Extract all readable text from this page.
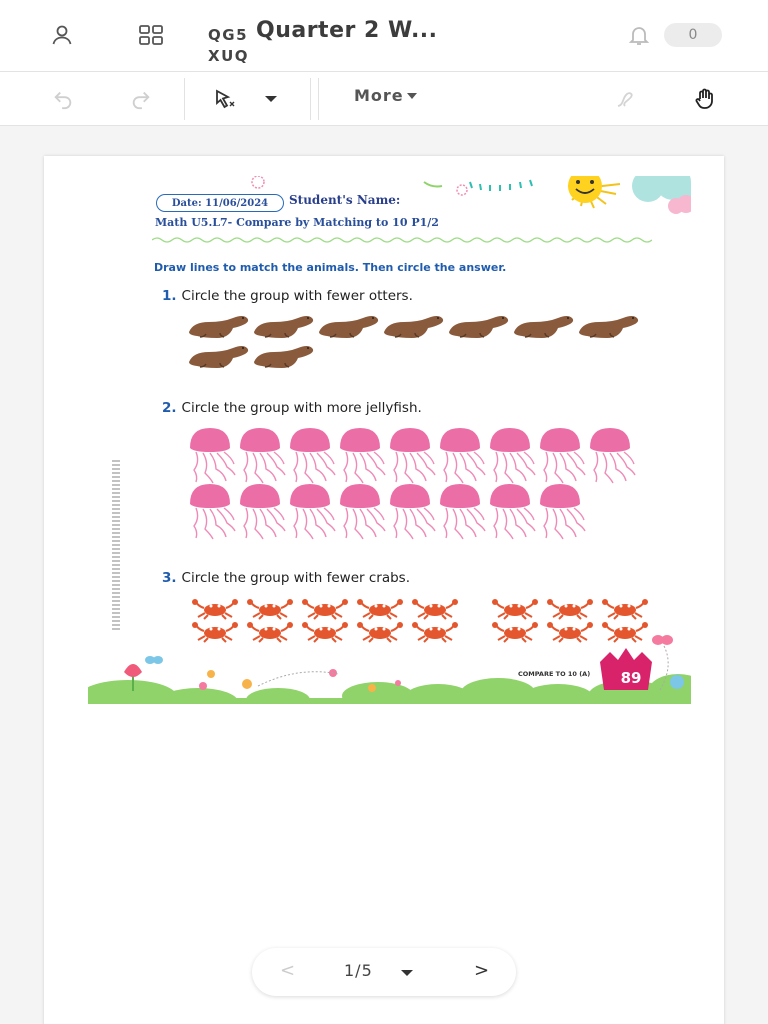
QG5
XUQ
Quarter 2 W...	0
More
Date: 11/06/2024	Student's Name:
Math U5.L7- Compare by Matching to 10 P1/2
Draw lines to match the animals. Then circle the answer.
1. Circle the group with fewer otters.
2. Circle the group with more jellyfish.
3. Circle the group with fewer crabs.
COMPARE TO 10 (A)	89
<	1/5	>
